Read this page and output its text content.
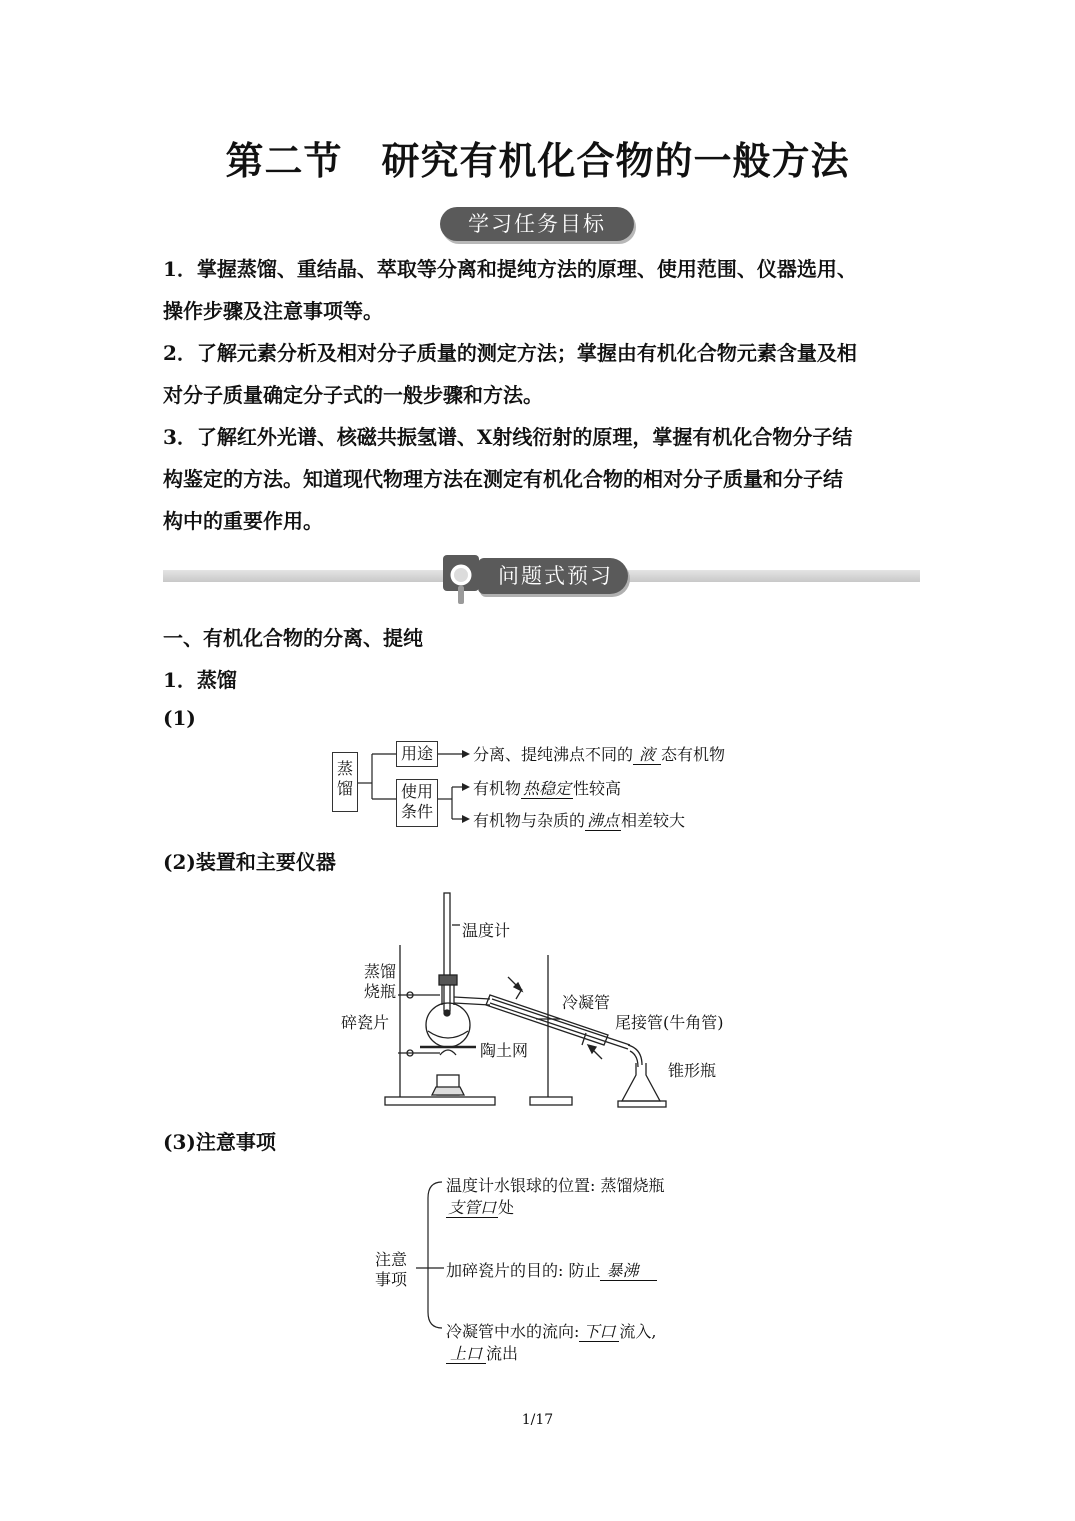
第二节　研究有机化合物的一般方法
学习任务目标
1．掌握蒸馏、重结晶、萃取等分离和提纯方法的原理、使用范围、仪器选用、
操作步骤及注意事项等。
2．了解元素分析及相对分子质量的测定方法；掌握由有机化合物元素含量及相
对分子质量确定分子式的一般步骤和方法。
3．了解红外光谱、核磁共振氢谱、X射线衍射的原理，掌握有机化合物分子结
构鉴定的方法。知道现代物理方法在测定有机化合物的相对分子质量和分子结
构中的重要作用。
问题式预习
一、有机化合物的分离、提纯
1．蒸馏
(1)
蒸馏
用途
使用条件
分离、提纯沸点不同的 液 态有机物
有机物 热稳定 性较高
有机物与杂质的 沸点 相差较大
(2)装置和主要仪器
温度计
蒸馏烧瓶
碎瓷片
陶土网
冷凝管
尾接管(牛角管)
锥形瓶
(3)注意事项
注意事项
温度计水银球的位置: 蒸馏烧瓶
支管口 处
加碎瓷片的目的: 防止 暴沸
冷凝管中水的流向: 下口 流入,
上口 流出
1/17
